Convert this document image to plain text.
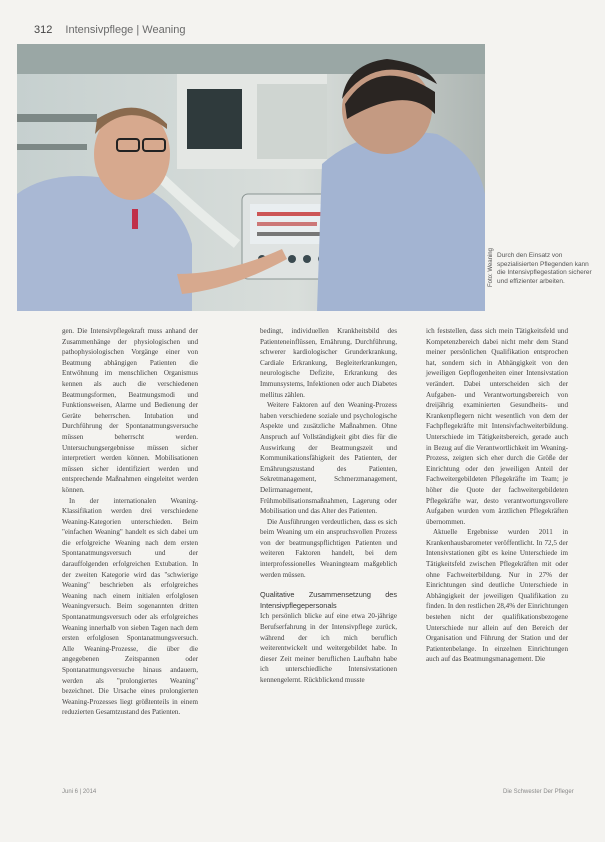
312 Intensivpflege | Weaning
Durch den Einsatz von spezialisierten Pflegenden kann die Intensivpflegestation sicherer und effizienter arbeiten.
Foto: Weaning

gen. Die Intensivpflegekraft muss anhand der Zusammenhänge der physiologischen und pathophysiologischen Vorgänge einer von Beatmung abhängigen Patienten die Entwöhnung im menschlichen Organismus kennen als auch die verschiedenen Beatmungsformen, Beatmungsmodi und Funktionsweisen, Alarme und Bedienung der Geräte beherrschen. Intubation und Durchführung der Spontanatmungsversuche müssen beherrscht werden. Untersuchungsergebnisse müssen sicher interpretiert werden können. Mobilisationen müssen sicher identifiziert werden und entsprechende Maßnahmen eingeleitet werden können.

In der internationalen Weaning-Klassifikation werden drei verschiedene Weaning-Kategorien unterschieden. Beim "einfachen Weaning" handelt es sich dabei um die erfolgreiche Weaning nach dem ersten Spontanatmungsversuch und der darauffolgenden erfolgreichen Extubation. In der zweiten Kategorie wird das "schwierige Weaning" beschrieben als erfolgreiches Weaning nach einem initialen erfolglosen Weaningversuch. Beim sogenannten dritten Spontanatmungsversuch oder als erfolgreiches Weaning innerhalb von sieben Tagen nach dem ersten erfolglosen Spontanatmungsversuch. Alle Weaning-Prozesse, die über die angegebenen Zeitspannen oder Spontanatmungsversuche hinaus andauern, werden als "prolongiertes Weaning" bezeichnet. Die Ursache eines prolongierten Weaning-Prozesses liegt größtenteils in einem reduzierten Gesamtzustand des Patienten.

bedingt, individuellen Krankheitsbild des Patienteneinflüssen, Ernährung, Durchführung, schwerer kardiologischer Grunderkrankung, Cardiale Erkrankung, Begleiterkrankungen, neurologische Defizite, Erkrankung des Immunsystems, Infektionen oder auch Diabetes mellitus zählen.

Weitere Faktoren auf den Weaning-Prozess haben verschiedene soziale und psychologische Aspekte und zusätzliche Maßnahmen. Ohne Anspruch auf Vollständigkeit gibt dies für die Auswirkung der Beatmungszeit und Kommunikationsfähigkeit des Patienten, der Ernährungszustand des Patienten, Sekretmanagement, Schmerzmanagement, Delirmanagement, Frühmobilisationsmaßnahmen, Lagerung oder Mobilisation und das Alter des Patienten.

Die Ausführungen verdeutlichen, dass es sich beim Weaning um ein anspruchsvollen Prozess von der beatmungspflichtigen Patienten und weiteren Faktoren handelt, bei dem interprofessionelles Weaningteam maßgeblich werden müssen.

Qualitative Zusammensetzung des Intensivpflegepersonals

Ich persönlich blicke auf eine etwa 20-jährige Berufserfahrung in der Intensivpflege zurück, während der ich mich beruflich weiterentwickelt und weitergebildet habe. In dieser Zeit meiner beruflichen Laufbahn habe ich unterschiedliche Intensivstationen kennengelernt. Rückblickend musste

ich feststellen, dass sich mein Tätigkeitsfeld und Kompetenzbereich dabei nicht mehr dem Stand meiner persönlichen Qualifikation entsprochen hat, sondern sich in Abhängigkeit von den jeweiligen Gepflogenheiten einer Intensivstation verändert. Dabei unterscheiden sich der Aufgaben- und Verantwortungsbereich von dreijährig examinierten Gesundheits- und Krankenpflegern nicht wesentlich von dem der Fachpflegekräfte mit Intensivfachweiterbildung. Unterschiede im Tätigkeitsbereich, gerade auch in Bezug auf die Verantwortlichkeit im Weaning-Prozess, zeigten sich eher durch die Größe der Einrichtung oder den jeweiligen Anteil der Fachweitergebildeten Pflegekräfte im Team; je höher die Quote der fachweitergebildeten Pflegekräfte war, desto verantwortungsvollere Aufgaben wurden vom ärztlichen Pflegekräften übernommen.

Aktuelle Ergebnisse wurden 2011 in Krankenhausbarometer veröffentlicht. In 72,5 der Intensivstationen gibt es keine Unterschiede im Tätigkeitsfeld zwischen Pflegekräften mit oder ohne Fachweiterbildung. Nur in 27% der Einrichtungen sind deutliche Unterschiede in Abhängigkeit der jeweiligen Qualifikation zu finden. In den restlichen 28,4% der Einrichtungen bestehen nicht der qualifikationsbezogene Unterschiede nur allein auf den Bereich der Organisation und Führung der Station und der Patientenbelange. In einzelnen Einrichtungen auch auf das Beatmungsmanagement. Die

Juni 6 | 2014	Die Schwester Der Pfleger
